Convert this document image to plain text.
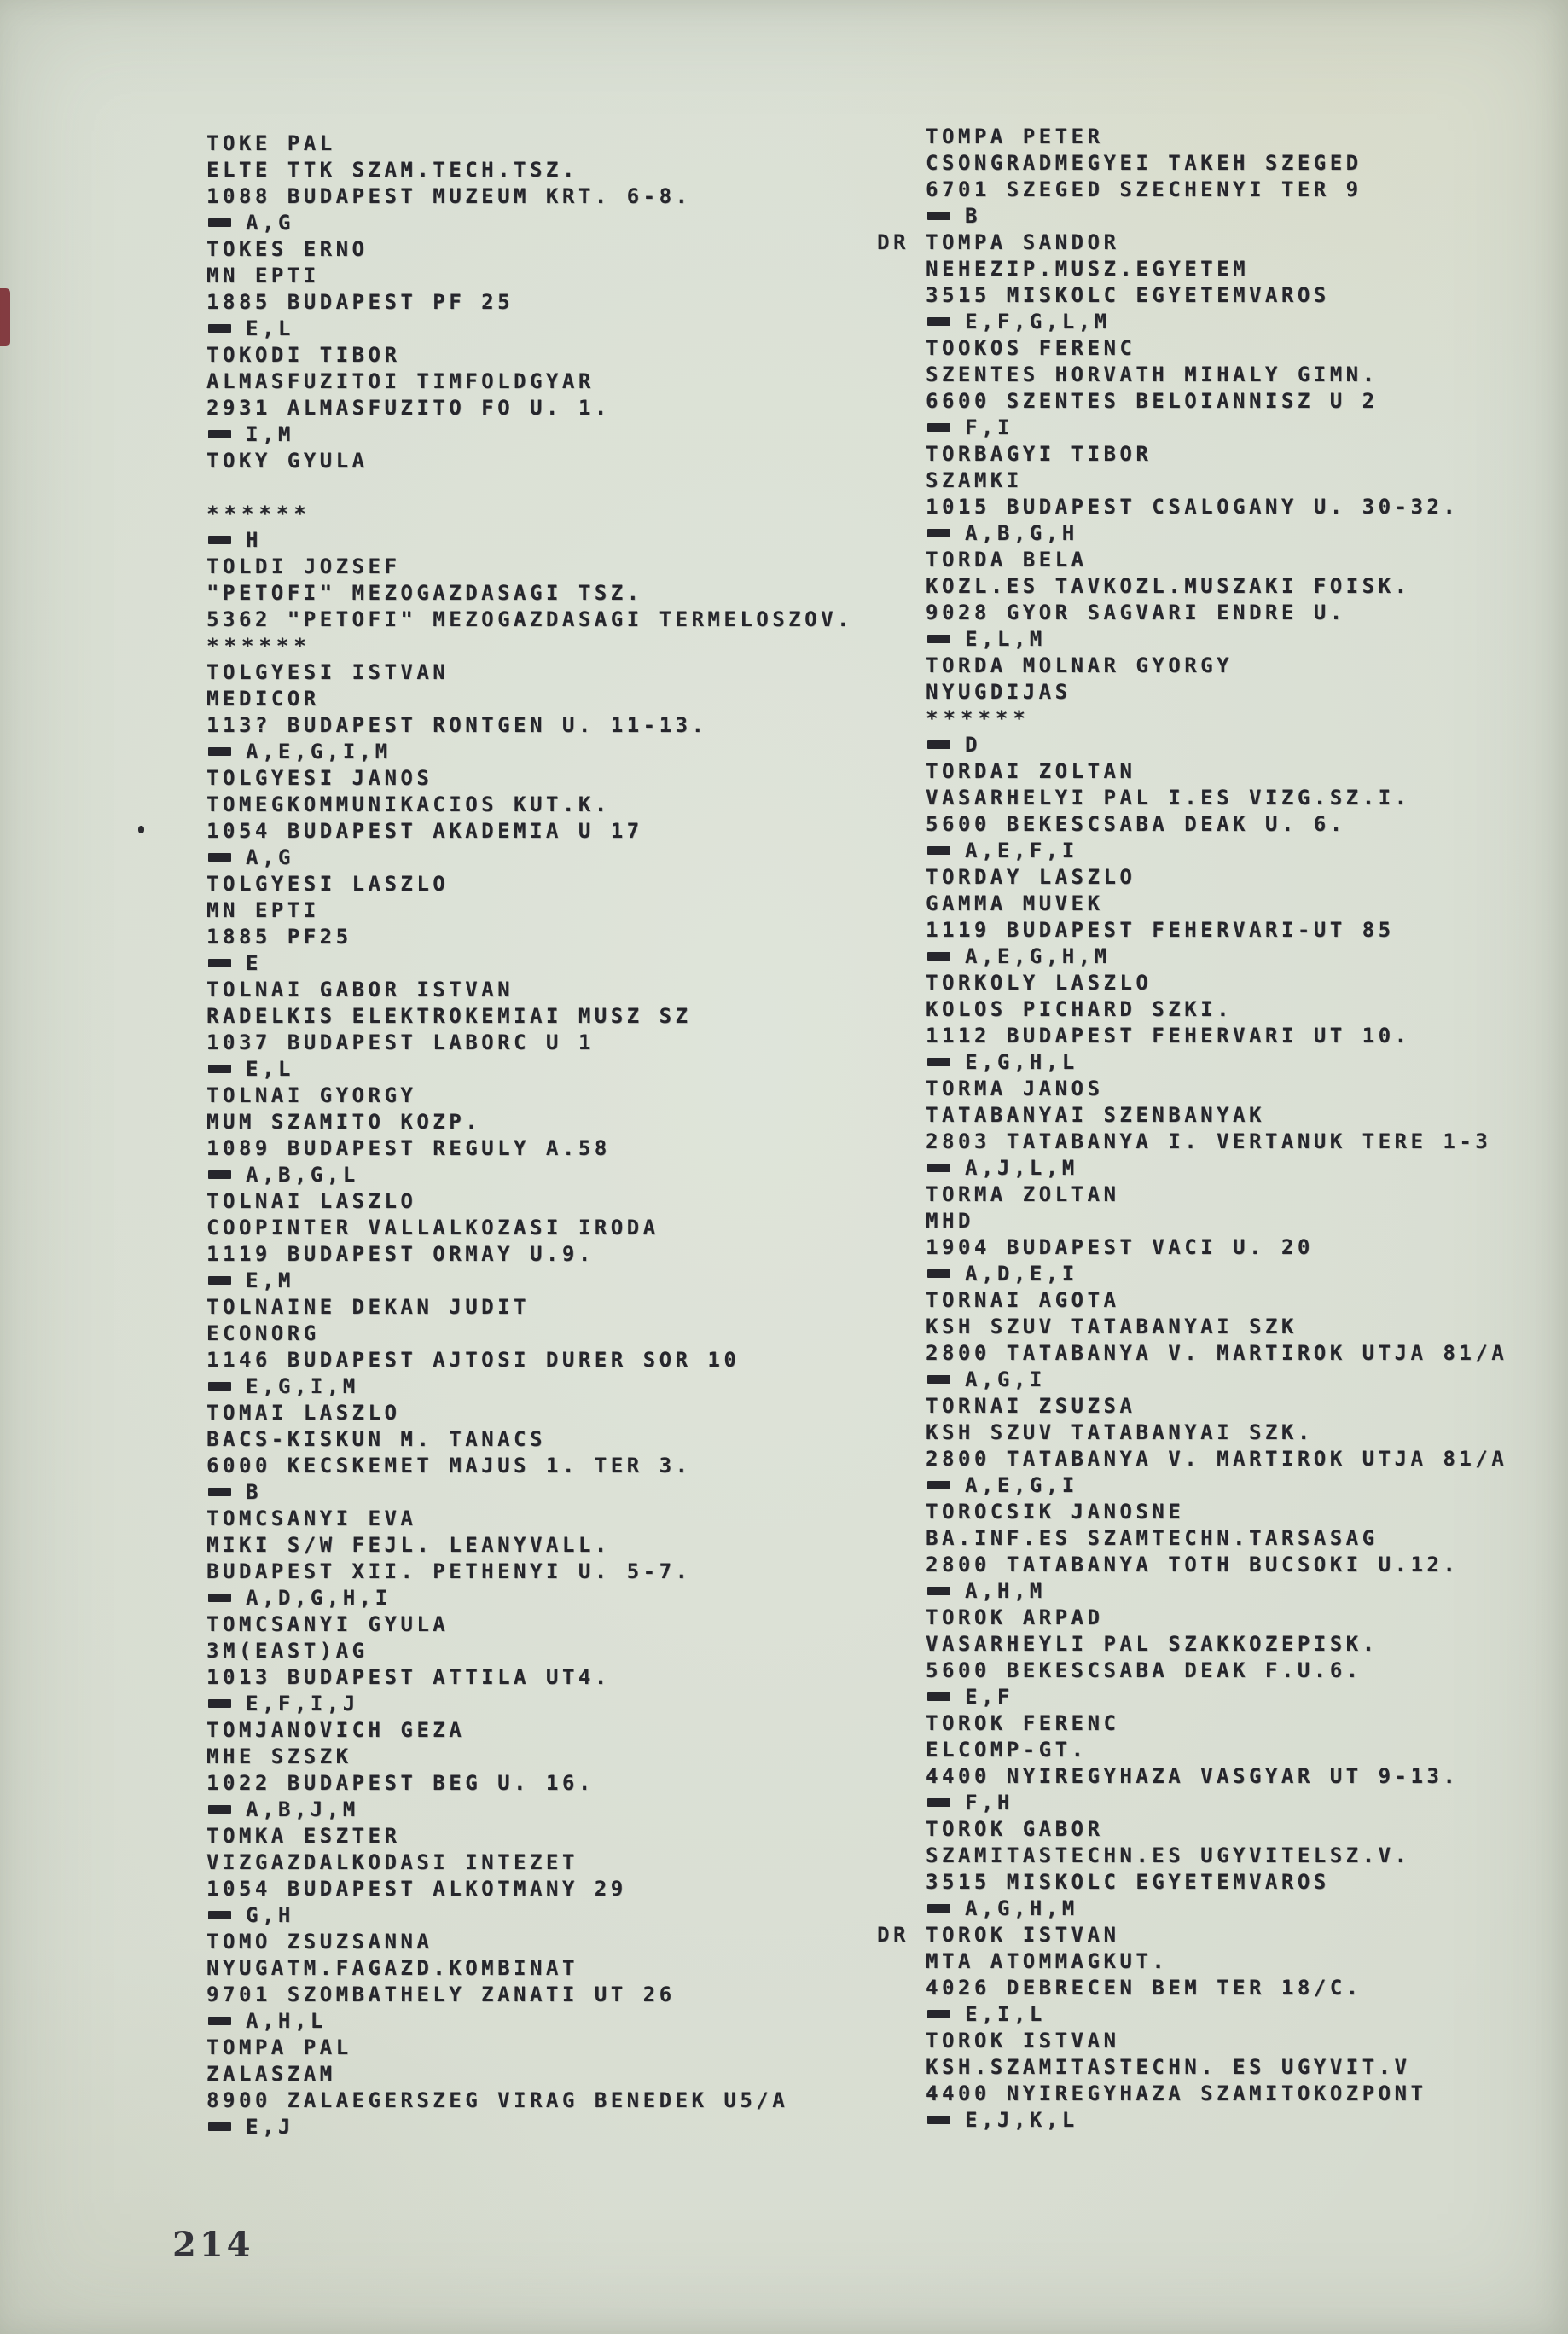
TOKE PAL
ELTE TTK SZAM.TECH.TSZ.
1088 BUDAPEST MUZEUM KRT. 6-8.
A,G
TOKES ERNO
MN EPTI
1885 BUDAPEST PF 25
E,L
TOKODI TIBOR
ALMASFUZITOI TIMFOLDGYAR
2931 ALMASFUZITO FO U. 1.
I,M
TOKY GYULA
******
H
TOLDI JOZSEF
"PETOFI" MEZOGAZDASAGI TSZ.
5362 "PETOFI" MEZOGAZDASAGI TERMELOSZOV.
******
TOLGYESI ISTVAN
MEDICOR
113? BUDAPEST RONTGEN U. 11-13.
A,E,G,I,M
TOLGYESI JANOS
TOMEGKOMMUNIKACIOS KUT.K.
1054 BUDAPEST AKADEMIA U 17
A,G
TOLGYESI LASZLO
MN EPTI
1885 PF25
E
TOLNAI GABOR ISTVAN
RADELKIS ELEKTROKEMIAI MUSZ SZ
1037 BUDAPEST LABORC U 1
E,L
TOLNAI GYORGY
MUM SZAMITO KOZP.
1089 BUDAPEST REGULY A.58
A,B,G,L
TOLNAI LASZLO
COOPINTER VALLALKOZASI IRODA
1119 BUDAPEST ORMAY U.9.
E,M
TOLNAINE DEKAN JUDIT
ECONORG
1146 BUDAPEST AJTOSI DURER SOR 10
E,G,I,M
TOMAI LASZLO
BACS-KISKUN M. TANACS
6000 KECSKEMET MAJUS 1. TER 3.
B
TOMCSANYI EVA
MIKI S/W FEJL. LEANYVALL.
BUDAPEST XII. PETHENYI U. 5-7.
A,D,G,H,I
TOMCSANYI GYULA
3M(EAST)AG
1013 BUDAPEST ATTILA UT4.
E,F,I,J
TOMJANOVICH GEZA
MHE SZSZK
1022 BUDAPEST BEG U. 16.
A,B,J,M
TOMKA ESZTER
VIZGAZDALKODASI INTEZET
1054 BUDAPEST ALKOTMANY 29
G,H
TOMO ZSUZSANNA
NYUGATM.FAGAZD.KOMBINAT
9701 SZOMBATHELY ZANATI UT 26
A,H,L
TOMPA PAL
ZALASZAM
8900 ZALAEGERSZEG VIRAG BENEDEK U5/A
E,J
TOMPA PETER
CSONGRADMEGYEI TAKEH SZEGED
6701 SZEGED SZECHENYI TER 9
B
DR TOMPA SANDOR
NEHEZIP.MUSZ.EGYETEM
3515 MISKOLC EGYETEMVAROS
E,F,G,L,M
TOOKOS FERENC
SZENTES HORVATH MIHALY GIMN.
6600 SZENTES BELOIANNISZ U 2
F,I
TORBAGYI TIBOR
SZAMKI
1015 BUDAPEST CSALOGANY U. 30-32.
A,B,G,H
TORDA BELA
KOZL.ES TAVKOZL.MUSZAKI FOISK.
9028 GYOR SAGVARI ENDRE U.
E,L,M
TORDA MOLNAR GYORGY
NYUGDIJAS
******
D
TORDAI ZOLTAN
VASARHELYI PAL I.ES VIZG.SZ.I.
5600 BEKESCSABA DEAK U. 6.
A,E,F,I
TORDAY LASZLO
GAMMA MUVEK
1119 BUDAPEST FEHERVARI-UT 85
A,E,G,H,M
TORKOLY LASZLO
KOLOS PICHARD SZKI.
1112 BUDAPEST FEHERVARI UT 10.
E,G,H,L
TORMA JANOS
TATABANYAI SZENBANYAK
2803 TATABANYA I. VERTANUK TERE 1-3
A,J,L,M
TORMA ZOLTAN
MHD
1904 BUDAPEST VACI U. 20
A,D,E,I
TORNAI AGOTA
KSH SZUV TATABANYAI SZK
2800 TATABANYA V. MARTIROK UTJA 81/A
A,G,I
TORNAI ZSUZSA
KSH SZUV TATABANYAI SZK.
2800 TATABANYA V. MARTIROK UTJA 81/A
A,E,G,I
TOROCSIK JANOSNE
BA.INF.ES SZAMTECHN.TARSASAG
2800 TATABANYA TOTH BUCSOKI U.12.
A,H,M
TOROK ARPAD
VASARHEYLI PAL SZAKKOZEPISK.
5600 BEKESCSABA DEAK F.U.6.
E,F
TOROK FERENC
ELCOMP-GT.
4400 NYIREGYHAZA VASGYAR UT 9-13.
F,H
TOROK GABOR
SZAMITASTECHN.ES UGYVITELSZ.V.
3515 MISKOLC EGYETEMVAROS
A,G,H,M
DR TOROK ISTVAN
MTA ATOMMAGKUT.
4026 DEBRECEN BEM TER 18/C.
E,I,L
TOROK ISTVAN
KSH.SZAMITASTECHN. ES UGYVIT.V
4400 NYIREGYHAZA SZAMITOKOZPONT
E,J,K,L
214
